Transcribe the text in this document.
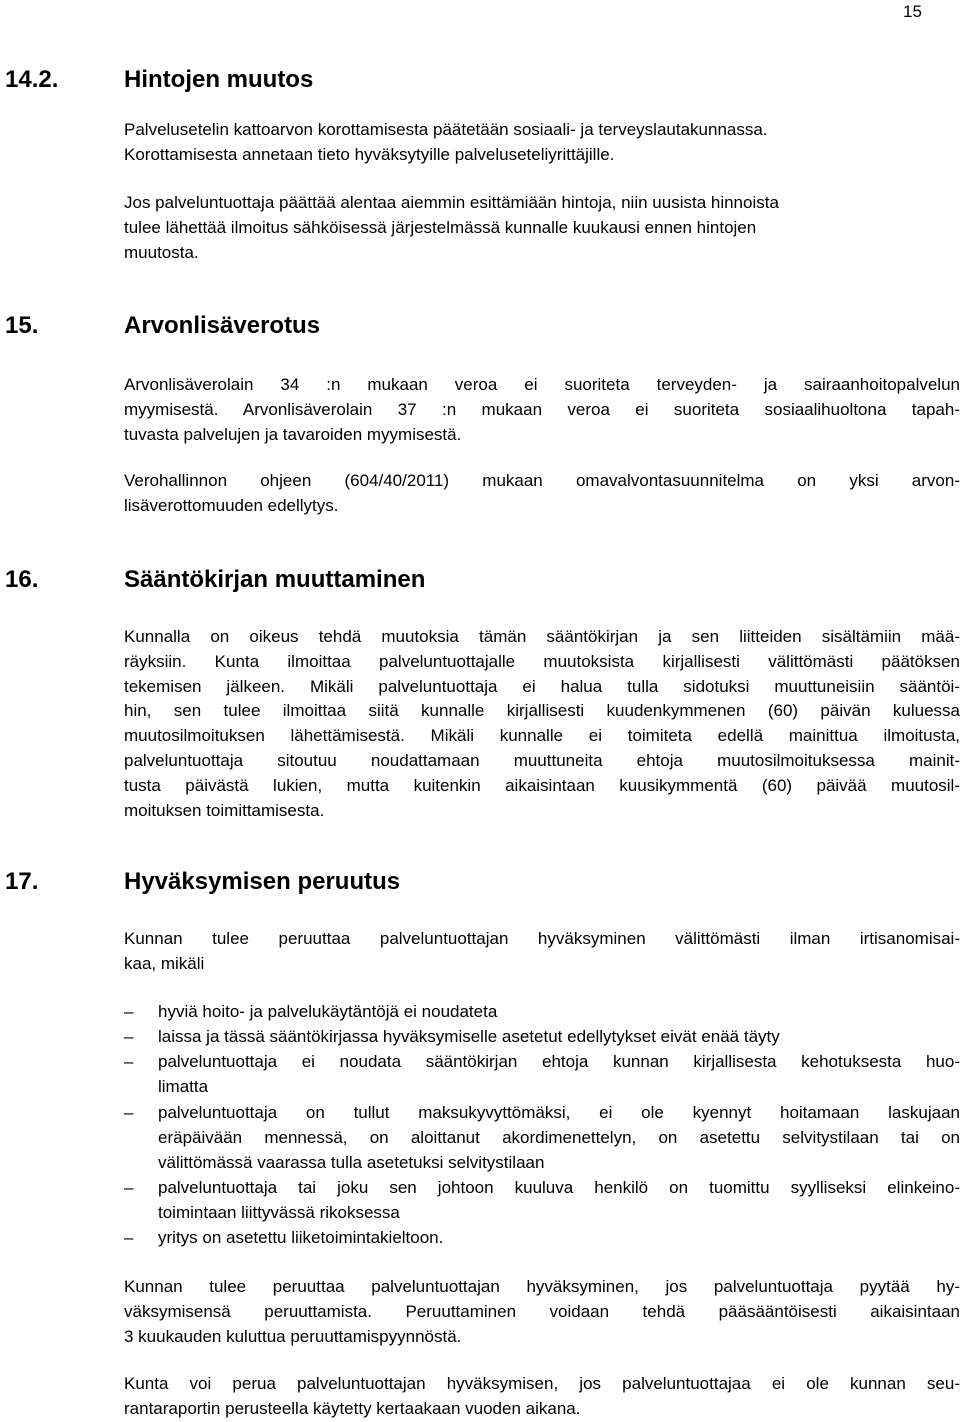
15
14.2.	Hintojen muutos
Palvelusetelin kattoarvon korottamisesta päätetään sosiaali- ja terveyslautakunnassa.
Korottamisesta annetaan tieto hyväksytyille palveluseteliyrittäjille.
Jos palveluntuottaja päättää alentaa aiemmin esittämiään hintoja, niin uusista hinnoista
tulee lähettää ilmoitus sähköisessä järjestelmässä kunnalle kuukausi ennen hintojen
muutosta.
15.	Arvonlisäverotus
Arvonlisäverolain 34 :n mukaan veroa ei suoriteta terveyden- ja sairaanhoitopalvelun
myymisestä. Arvonlisäverolain 37 :n mukaan veroa ei suoriteta sosiaalihuoltona tapah-
tuvasta palvelujen ja tavaroiden myymisestä.
Verohallinnon ohjeen (604/40/2011) mukaan omavalvontasuunnitelma on yksi arvon-
lisäverottomuuden edellytys.
16.	Sääntökirjan muuttaminen
Kunnalla on oikeus tehdä muutoksia tämän sääntökirjan ja sen liitteiden sisältämiin mää-
räyksiin. Kunta ilmoittaa palveluntuottajalle muutoksista kirjallisesti välittömästi päätöksen
tekemisen jälkeen. Mikäli palveluntuottaja ei halua tulla sidotuksi muuttuneisiin sääntöi-
hin, sen tulee ilmoittaa siitä kunnalle kirjallisesti kuudenkymmenen (60) päivän kuluessa
muutosilmoituksen lähettämisestä. Mikäli kunnalle ei toimiteta edellä mainittua ilmoitusta,
palveluntuottaja sitoutuu noudattamaan muuttuneita ehtoja muutosilmoituksessa mainit-
tusta päivästä lukien, mutta kuitenkin aikaisintaan kuusikymmentä (60) päivää muutosil-
moituksen toimittamisesta.
17.	Hyväksymisen peruutus
Kunnan tulee peruuttaa palveluntuottajan hyväksyminen välittömästi ilman irtisanomisai-
kaa, mikäli
–	hyviä hoito- ja palvelukäytäntöjä ei noudateta
–	laissa ja tässä sääntökirjassa hyväksymiselle asetetut edellytykset eivät enää täyty
–	palveluntuottaja ei noudata sääntökirjan ehtoja kunnan kirjallisesta kehotuksesta huo-
limatta
–	palveluntuottaja on tullut maksukyvyttömäksi, ei ole kyennyt hoitamaan laskujaan
eräpäivään mennessä, on aloittanut akordimenettelyn, on asetettu selvitystilaan tai on
välittömässä vaarassa tulla asetetuksi selvitystilaan
–	palveluntuottaja tai joku sen johtoon kuuluva henkilö on tuomittu syylliseksi elinkeino-
toimintaan liittyvässä rikoksessa
–	yritys on asetettu liiketoimintakieltoon.
Kunnan tulee peruuttaa palveluntuottajan hyväksyminen, jos palveluntuottaja pyytää hy-
väksymisensä peruuttamista. Peruuttaminen voidaan tehdä pääsääntöisesti aikaisintaan
3 kuukauden kuluttua peruuttamispyynnöstä.
Kunta voi perua palveluntuottajan hyväksymisen, jos palveluntuottajaa ei ole kunnan seu-
rantaraportin perusteella käytetty kertaakaan vuoden aikana.
